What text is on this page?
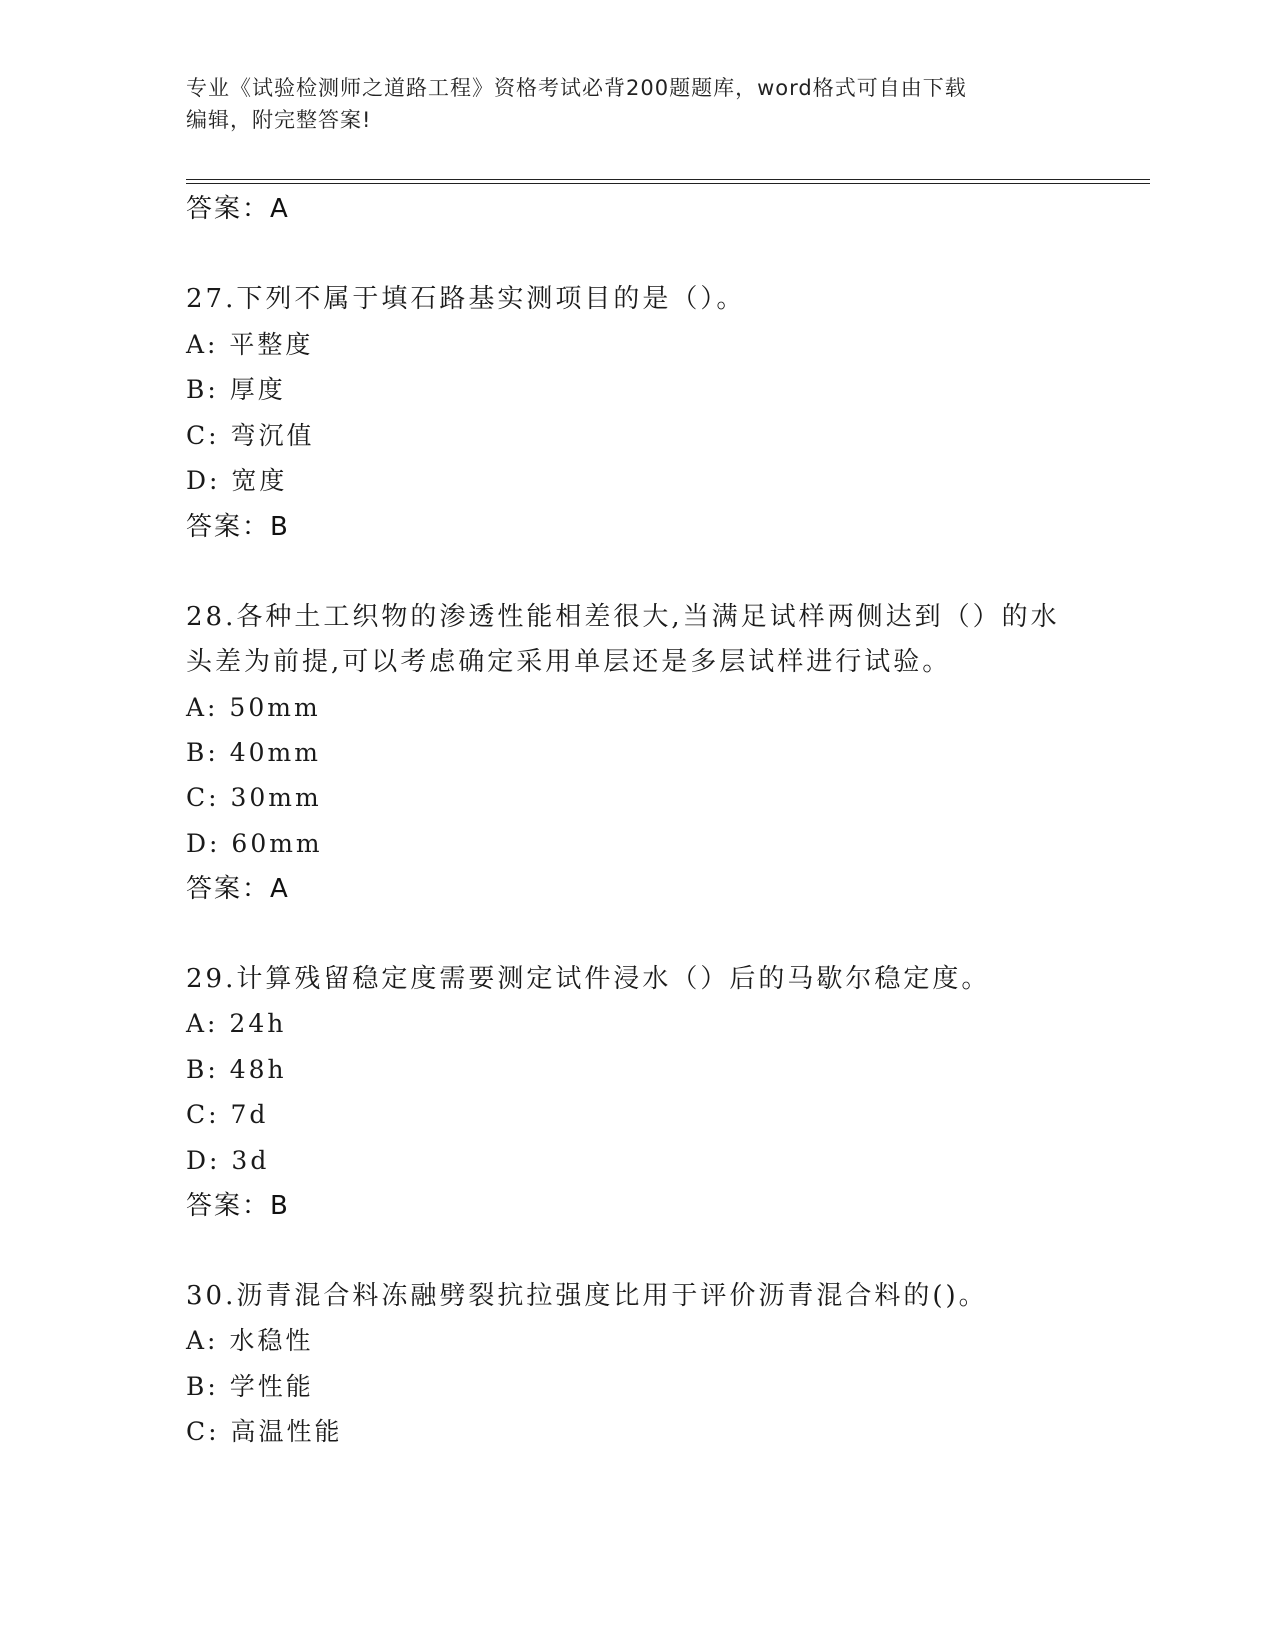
专业《试验检测师之道路工程》资格考试必背200题题库，word格式可自由下载
编辑，附完整答案!
答案：A
27.下列不属于填石路基实测项目的是（）。
A: 平整度
B: 厚度
C: 弯沉值
D: 宽度
答案：B
28.各种土工织物的渗透性能相差很大,当满足试样两侧达到（）的水
头差为前提,可以考虑确定采用单层还是多层试样进行试验。
A: 50mm
B: 40mm
C: 30mm
D: 60mm
答案：A
29.计算残留稳定度需要测定试件浸水（）后的马歇尔稳定度。
A: 24h
B: 48h
C: 7d
D: 3d
答案：B
30.沥青混合料冻融劈裂抗拉强度比用于评价沥青混合料的()。
A: 水稳性
B: 学性能
C: 高温性能
